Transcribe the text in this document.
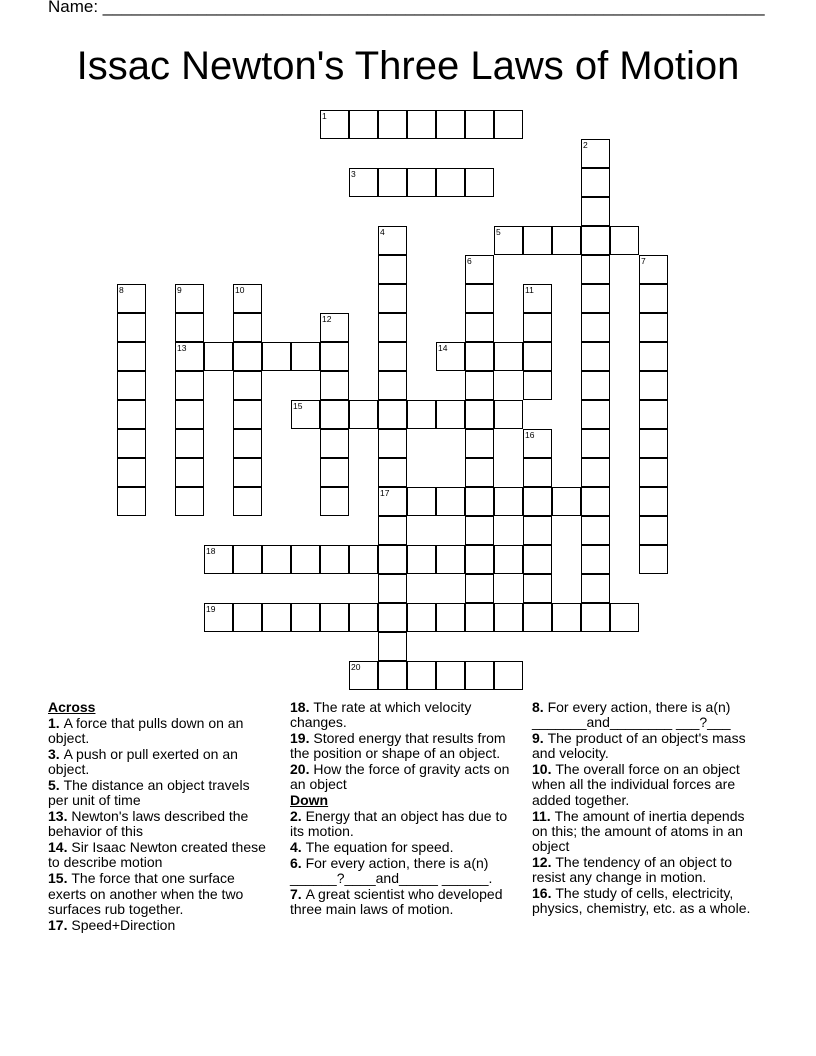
Name: ______________________________________________________________________
Issac Newton's Three Laws of Motion
1
2
3
4
17
5
6	7
8	9
13
10	11
12
14
15
16
18
19
20
Across
1. A force that pulls down on an object.
3. A push or pull exerted on an object.
5. The distance an object travels per unit of time
13. Newton's laws described the behavior of this
14. Sir Isaac Newton created these to describe motion
15. The force that one surface exerts on another when the two surfaces rub together.
17. Speed+Direction
18. The rate at which velocity changes.
19. Stored energy that results from the position or shape of an object.
20. How the force of gravity acts on an object
Down
2. Energy that an object has due to its motion.
4. The equation for speed.
6. For every action, there is a(n) ______?____and_____ ______.
7. A great scientist who developed three main laws of motion.
8. For every action, there is a(n) _______and________ ___?___
9. The product of an object's mass and velocity.
10. The overall force on an object when all the individual forces are added together.
11. The amount of inertia depends on this; the amount of atoms in an object
12. The tendency of an object to resist any change in motion.
16. The study of cells, electricity, physics, chemistry, etc. as a whole.
